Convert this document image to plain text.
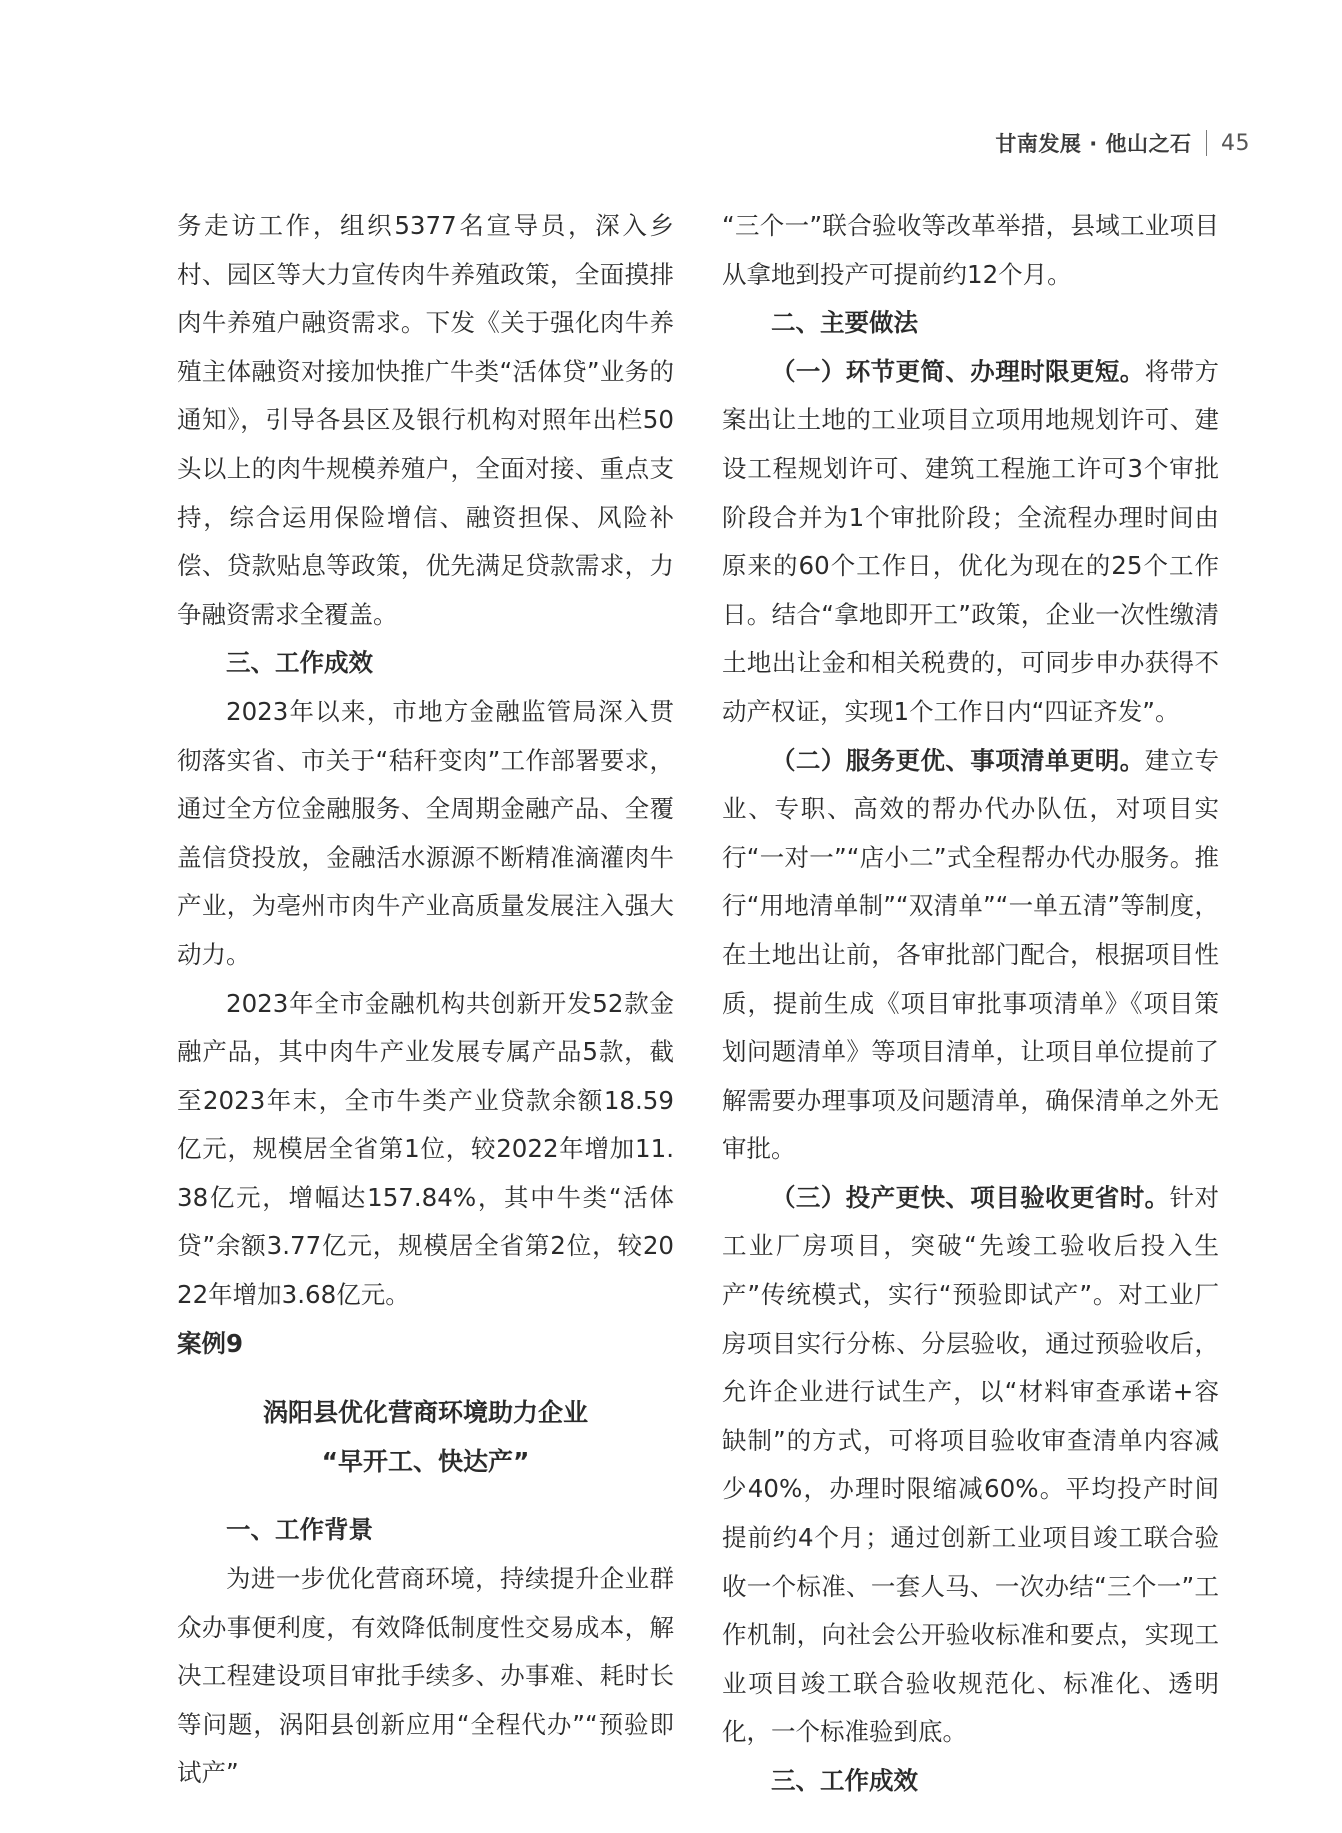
甘南发展 · 他山之石 45

务走访工作，组织5377名宣导员，深入乡村、园区等大力宣传肉牛养殖政策，全面摸排肉牛养殖户融资需求。下发《关于强化肉牛养殖主体融资对接加快推广牛类“活体贷”业务的通知》，引导各县区及银行机构对照年出栏50头以上的肉牛规模养殖户，全面对接、重点支持，综合运用保险增信、融资担保、风险补偿、贷款贴息等政策，优先满足贷款需求，力争融资需求全覆盖。

三、工作成效

2023年以来，市地方金融监管局深入贯彻落实省、市关于“秸秆变肉”工作部署要求，通过全方位金融服务、全周期金融产品、全覆盖信贷投放，金融活水源源不断精准滴灌肉牛产业，为亳州市肉牛产业高质量发展注入强大动力。

2023年全市金融机构共创新开发52款金融产品，其中肉牛产业发展专属产品5款，截至2023年末，全市牛类产业贷款余额18.59亿元，规模居全省第1位，较2022年增加11.38亿元，增幅达157.84%，其中牛类“活体贷”余额3.77亿元，规模居全省第2位，较2022年增加3.68亿元。

案例9
涡阳县优化营商环境助力企业
“早开工、快达产”
一、工作背景

为进一步优化营商环境，持续提升企业群众办事便利度，有效降低制度性交易成本，解决工程建设项目审批手续多、办事难、耗时长等问题，涡阳县创新应用“全程代办”“预验即试产”

“三个一”联合验收等改革举措，县域工业项目从拿地到投产可提前约12个月。

二、主要做法

（一）环节更简、办理时限更短。将带方案出让土地的工业项目立项用地规划许可、建设工程规划许可、建筑工程施工许可3个审批阶段合并为1个审批阶段；全流程办理时间由原来的60个工作日，优化为现在的25个工作日。结合“拿地即开工”政策，企业一次性缴清土地出让金和相关税费的，可同步申办获得不动产权证，实现1个工作日内“四证齐发”。

（二）服务更优、事项清单更明。建立专业、专职、高效的帮办代办队伍，对项目实行“一对一”“店小二”式全程帮办代办服务。推行“用地清单制”“双清单”“一单五清”等制度，在土地出让前，各审批部门配合，根据项目性质，提前生成《项目审批事项清单》《项目策划问题清单》等项目清单，让项目单位提前了解需要办理事项及问题清单，确保清单之外无审批。

（三）投产更快、项目验收更省时。针对工业厂房项目，突破“先竣工验收后投入生产”传统模式，实行“预验即试产”。对工业厂房项目实行分栋、分层验收，通过预验收后，允许企业进行试生产，以“材料审查承诺+容缺制”的方式，可将项目验收审查清单内容减少40%，办理时限缩减60%。平均投产时间提前约4个月；通过创新工业项目竣工联合验收一个标准、一套人马、一次办结“三个一”工作机制，向社会公开验收标准和要点，实现工业项目竣工联合验收规范化、标准化、透明化，一个标准验到底。

三、工作成效
